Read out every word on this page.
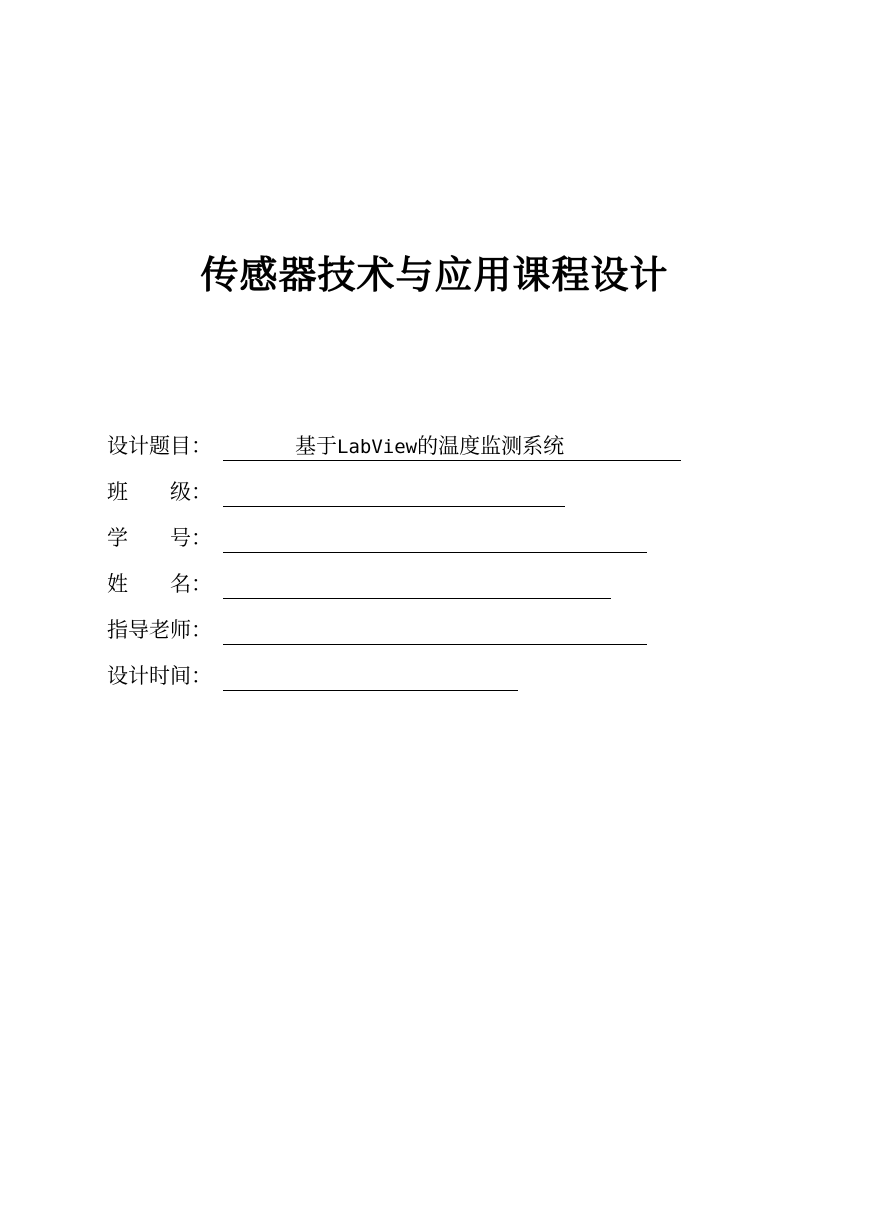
传感器技术与应用课程设计
设计题目：	基于LabView的温度监测系统
班　　级：
学　　号：
姓　　名：
指导老师：
设计时间：
